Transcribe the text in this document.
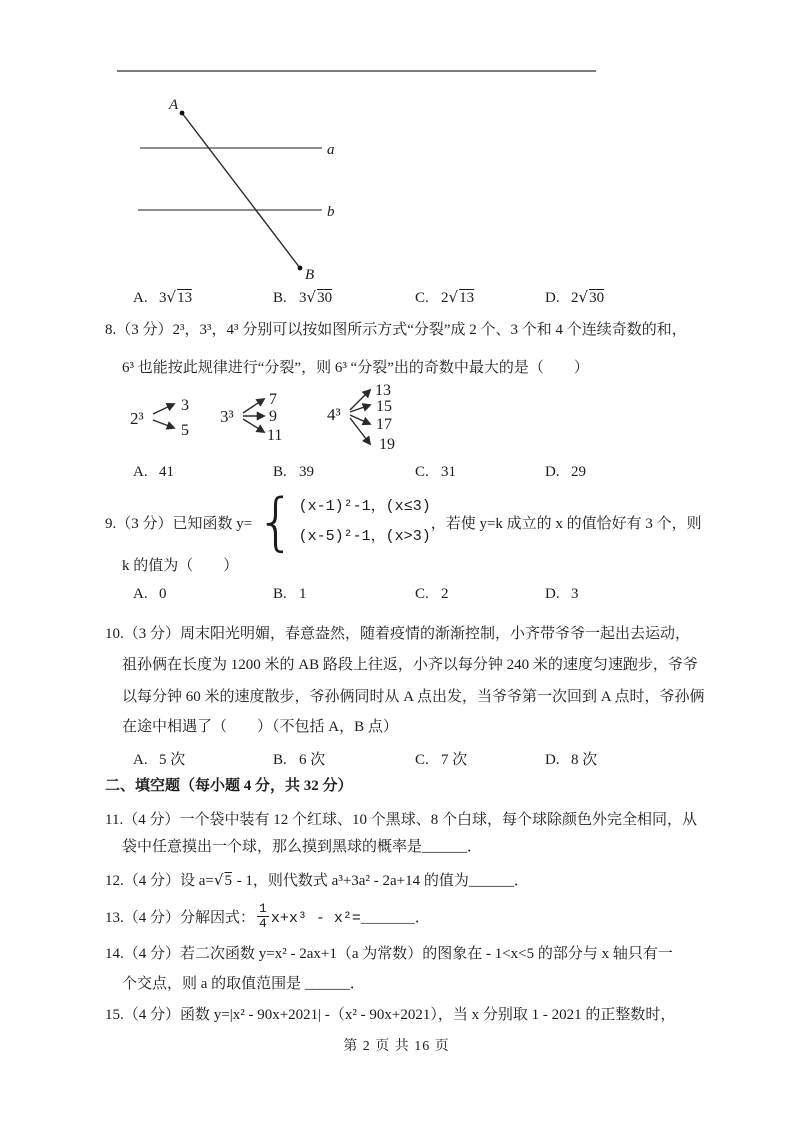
A
B
a
b
A. 3√13	B. 3√30	C. 2√13	D. 2√30
8.（3 分）2³，3³，4³ 分别可以按如图所示方式“分裂”成 2 个、3 个和 4 个连续奇数的和，
6³ 也能按此规律进行“分裂”，则 6³ “分裂”出的奇数中最大的是（　　）
2³
3
5
3³
7
9
11
4³
13
15
17
19
A. 41	B. 39	C. 31	D. 29
9.（3 分）已知函数 y= { (x-1)²-1，(x≤3)
(x-5)²-1，(x>3)
，若使 y=k 成立的 x 的值恰好有 3 个，则
k 的值为（　　）
A. 0	B. 1	C. 2	D. 3
10.（3 分）周末阳光明媚，春意盎然，随着疫情的渐渐控制，小齐带爷爷一起出去运动，
祖孙俩在长度为 1200 米的 AB 路段上往返，小齐以每分钟 240 米的速度匀速跑步，爷爷
以每分钟 60 米的速度散步，爷孙俩同时从 A 点出发，当爷爷第一次回到 A 点时，爷孙俩
在途中相遇了（　　）（不包括 A，B 点）
A. 5 次	B. 6 次	C. 7 次	D. 8 次
二、填空题（每小题 4 分，共 32 分）
11.（4 分）一个袋中装有 12 个红球、10 个黑球、8 个白球，每个球除颜色外完全相同，从
袋中任意摸出一个球，那么摸到黑球的概率是______．
12.（4 分）设 a=√5 - 1，则代数式 a³+3a² - 2a+14 的值为______．
13.（4 分）分解因式： $\frac{1}{4} x+x^3$ - x²=______．
14.（4 分）若二次函数 y=x² - 2ax+1（a 为常数）的图象在 - 1<x<5 的部分与 x 轴只有一
个交点，则 a 的取值范围是 ______．
15.（4 分）函数 y=|x² - 90x+2021| -（x² - 90x+2021），当 x 分别取 1 - 2021 的正整数时，
第 2 页 共 16 页
